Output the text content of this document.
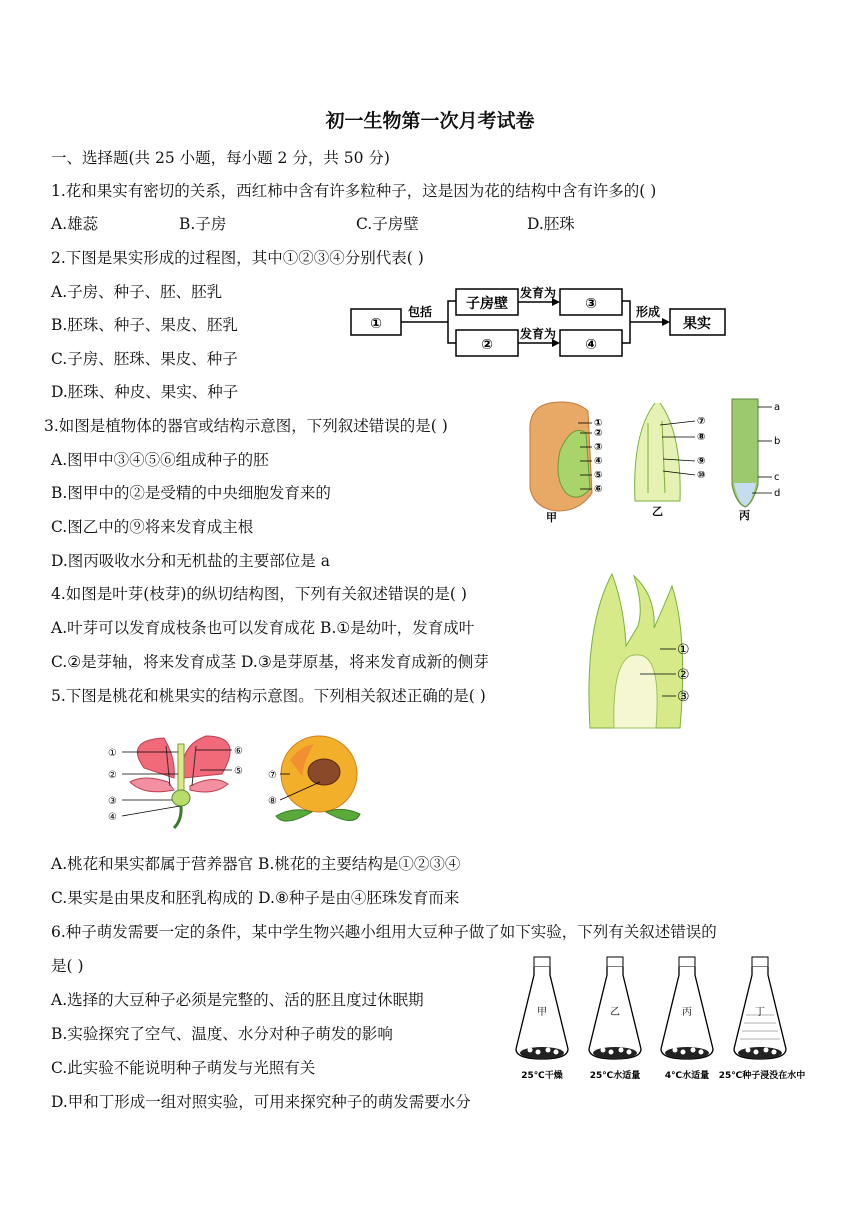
初一生物第一次月考试卷
一、选择题(共 25 小题，每小题 2 分，共 50 分)
1.花和果实有密切的关系，西红柿中含有许多粒种子，这是因为花的结构中含有许多的( )
A.雄蕊	B.子房	C.子房壁	D.胚珠
2.下图是果实形成的过程图，其中①②③④分别代表( )
A.子房、种子、胚、胚乳
B.胚珠、种子、果皮、胚乳
C.子房、胚珠、果皮、种子
D.胚珠、种皮、果实、种子
①
包括 子房壁
②
发育为
发育为
③
④
形成
果实
3.如图是植物体的器官或结构示意图，下列叙述错误的是( )
A.图甲中③④⑤⑥组成种子的胚
B.图甲中的②是受精的中央细胞发育来的
C.图乙中的⑨将来发育成主根
D.图丙吸收水分和无机盐的主要部位是 a
①
②
③
④
⑤
⑥
甲
⑦
⑧
⑨
⑩
乙
a
b
c
d
丙
4.如图是叶芽(枝芽)的纵切结构图，下列有关叙述错误的是( )
A.叶芽可以发育成枝条也可以发育成花 B.①是幼叶，发育成叶
C.②是芽轴，将来发育成茎 D.③是芽原基，将来发育成新的侧芽
①
②
③
5.下图是桃花和桃果实的结构示意图。下列相关叙述正确的是( )
①
②
③
④
⑥
⑤	⑦
⑧
A.桃花和果实都属于营养器官 B.桃花的主要结构是①②③④
C.果实是由果皮和胚乳构成的 D.⑧种子是由④胚珠发育而来
6.种子萌发需要一定的条件，某中学生物兴趣小组用大豆种子做了如下实验，下列有关叙述错误的
是( )
A.选择的大豆种子必须是完整的、活的胚且度过休眠期
B.实验探究了空气、温度、水分对种子萌发的影响
C.此实验不能说明种子萌发与光照有关
D.甲和丁形成一组对照实验，可用来探究种子的萌发需要水分
甲	乙	丙	丁
25℃干燥	25℃水适量	4℃水适量 25℃种子浸没在水中
